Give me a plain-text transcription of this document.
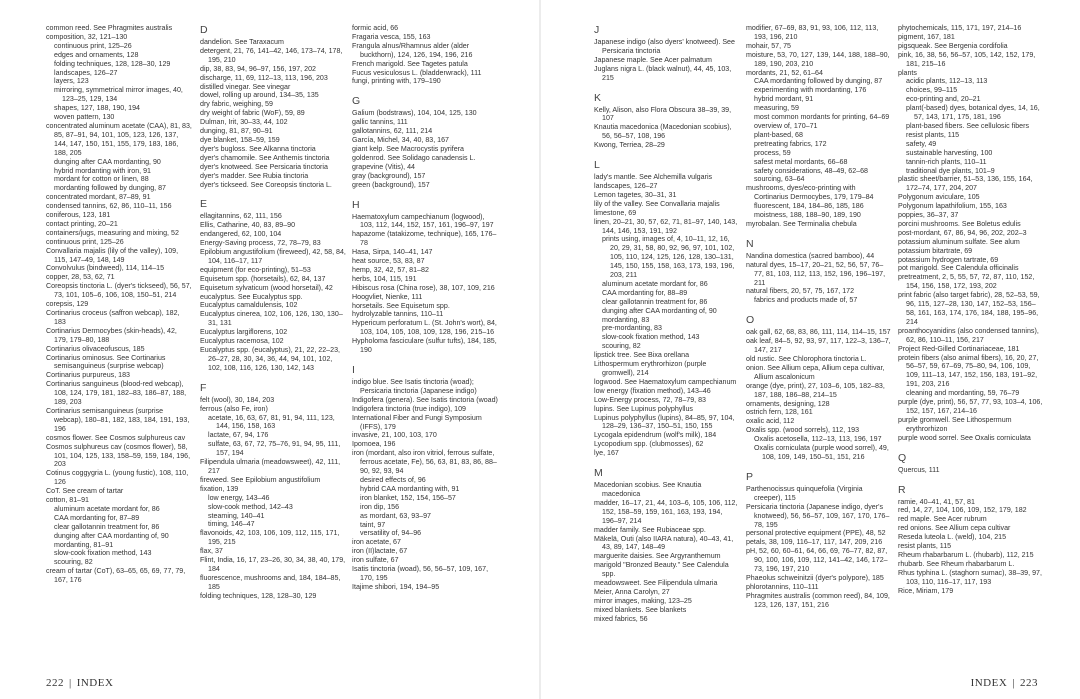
common reed. See Phragmites australis
composition, 32, 121–130
continuous print, 125–26
edges and ornaments, 128
folding techniques, 128, 128–30, 129
landscapes, 126–27
layers, 123
mirroring, symmetrical mirror images, 40, 123–25, 129, 134
shapes, 127, 188, 190, 194
woven pattern, 130
concentrated aluminum acetate (CAA), 81, 83, 85, 87–91, 94, 101, 105, 123, 126, 137, 144, 147, 150, 151, 155, 179, 183, 186, 188, 205
dunging after CAA mordanting, 90
hybrid mordanting with iron, 91
mordant for cotton or linen, 88
mordanting followed by dunging, 87
concentrated mordant, 87–89, 91
condensed tannins, 62, 86, 110–11, 156
coniferous, 123, 181
contact printing, 20–21
containers/jugs, measuring and mixing, 52
continuous print, 125–26
Convallaria majalis (lily of the valley), 109, 115, 147–49, 148, 149
Convolvulus (bindweed), 114, 114–15
copper, 28, 53, 62, 71
Coreopsis tinctoria L. (dyer's tickseed), 56, 57, 73, 101, 105–6, 106, 108, 150–51, 214
corepsis, 129
Cortinarius croceus (saffron webcap), 182, 183
Cortinarius Dermocybes (skin-heads), 42, 179, 179–80, 188
Cortinarius olivaceofuscus, 185
Cortinarius ominosus. See Cortinarius semisanguineus (surprise webcap)
Cortinarius purpureus, 183
Cortinarius sanguineus (blood-red webcap), 108, 124, 179, 181, 182–83, 186–87, 188, 189, 203
Cortinarius semisanguineus (surprise webcap), 180–81, 182, 183, 184, 191, 193, 196
cosmos flower. See Cosmos sulphureus cav
Cosmos sulphureus cav (cosmos flower), 58, 101, 104, 125, 133, 158–59, 159, 184, 196, 203
Cotinus coggygria L. (young fustic), 108, 110, 126
CoT. See cream of tartar
cotton, 81–91
aluminum acetate mordant for, 86
CAA mordanting for, 87–89
clear gallotannin treatment for, 86
dunging after CAA mordanting of, 90
mordanting, 81–91
slow-cook fixation method, 143
scouring, 82
cream of tartar (CoT), 63–65, 65, 69, 77, 79, 167, 176
D
dandelion. See Taraxacum
detergent, 21, 76, 141–42, 146, 173–74, 178, 195, 210
dip, 38, 83, 94, 96–97, 156, 197, 202
discharge, 11, 69, 112–13, 113, 196, 203
distilled vinegar. See vinegar
dowel, rolling up around, 134–35, 135
dry fabric, weighing, 59
dry weight of fabric (WoF), 59, 89
Dulman, Irit, 30–33, 44, 102
dunging, 81, 87, 90–91
dye blanket, 158–59, 159
dyer's bugloss. See Alkanna tinctoria
dyer's chamomile. See Anthemis tinctoria
dyer's knotweed. See Persicaria tinctoria
dyer's madder. See Rubia tinctoria
dyer's tickseed. See Coreopsis tinctoria L.
E
ellagitannins, 62, 111, 156
Ellis, Catharine, 40, 83, 89–90
endangered, 62, 100, 104
Energy-Saving process, 72, 78–79, 83
Epilobium angustifolium (fireweed), 42, 58, 84, 104, 116–17, 117
equipment (for eco-printing), 51–53
Equisetum spp. (horsetails), 62, 84, 137
Equisetum sylvaticum (wood horsetail), 42
eucalyptus. See Eucalyptus spp.
Eucalyptus camaldulensis, 102
Eucalyptus cinerea, 102, 106, 126, 130, 130–31, 131
Eucalyptus largiflorens, 102
Eucalyptus racemosa, 102
Eucalyptus spp. (eucalyptus), 21, 22, 22–23, 26–27, 28, 30, 34, 36, 44, 94, 101, 102, 102, 108, 116, 126, 130, 142, 143
F
felt (wool), 30, 184, 203
ferrous (also Fe, iron)
acetate, 16, 63, 67, 81, 91, 94, 111, 123, 144, 156, 158, 163
lactate, 67, 94, 176
sulfate, 63, 67, 72, 75–76, 91, 94, 95, 111, 157, 194
Filipendula ulmaria (meadowsweet), 42, 111, 217
fireweed. See Epilobium angustifolium
fixation, 139
low energy, 143–46
slow-cook method, 142–43
steaming, 140–41
timing, 146–47
flavonoids, 42, 103, 106, 109, 112, 115, 171, 195, 215
flax, 37
Flint, India, 16, 17, 23–26, 30, 34, 38, 40, 179, 184
fluorescence, mushrooms and, 184, 184–85, 185
folding techniques, 128, 128–30, 129
formic acid, 66
Fragaria vesca, 155, 163
Frangula alnus/Rhamnus alder (alder buckthorn), 124, 126, 194, 196, 216
French marigold. See Tagetes patula
Fucus vesiculosus L. (bladderwrack), 111
fungi, printing with, 179–190
G
Galium (bodstraws), 104, 104, 125, 130
gallic tannins, 111
gallotannins, 62, 111, 214
García, Michel, 34, 40, 83, 167
giant kelp. See Macrocystis pyrifera
goldenrod. See Solidago canadensis L.
grapevine (Vitis), 44
gray (background), 157
green (background), 157
H
Haematoxylum campechianum (logwood), 103, 112, 144, 152, 157, 161, 196–97, 197
hapazome (tatakizome, technique), 165, 176–78
Hasa, Sirpa, 140–41, 147
heat source, 53, 83, 87
hemp, 32, 42, 57, 81–82
herbs, 104, 115, 191
Hibiscus rosa (China rose), 38, 107, 109, 216
Hoogvliet, Nienke, 111
horsetails. See Equisetum spp.
hydrolyzable tannins, 110–11
Hypericum perforatum L. (St. John's wort), 84, 103, 104, 105, 108, 109, 128, 196, 215–16
Hypholoma fasciculare (sulfur tufts), 184, 185, 190
I
indigo blue. See Isatis tinctoria (woad); Persicaria tinctoria (Japanese indigo)
Indigofera (genera). See Isatis tinctoria (woad)
Indigofera tinctoria (true indigo), 109
International Fiber and Fungi Symposium (IFFS), 179
invasive, 21, 100, 103, 170
Ipomoea, 196
iron (mordant, also iron vitriol, ferrous sulfate, ferrous acetate, Fe), 56, 63, 81, 83, 86, 88–90, 92, 93, 94
desired effects of, 96
hybrid CAA mordanting with, 91
iron blanket, 152, 154, 156–57
iron dip, 156
as mordant, 63, 93–97
taint, 97
versatility of, 94–96
iron acetate, 67
iron (II)lactate, 67
iron sulfate, 67
Isatis tinctoria (woad), 56, 56–57, 109, 167, 170, 195
Itajime shibori, 194, 194–95
222 | INDEX
J
Japanese indigo (also dyers' knotweed). See Persicaria tinctoria
Japanese maple. See Acer palmatum
Juglans nigra L. (black walnut), 44, 45, 103, 215
K
Kelly, Alison, also Flora Obscura 38–39, 39, 107
Knautia macedonica (Macedonian scobius), 56, 56–57, 108, 196
Kwong, Terriea, 28–29
L
lady's mantle. See Alchemilla vulgaris
landscapes, 126–27
Lemon tagetes, 30–31, 31
lily of the valley. See Convallaria majalis
limestone, 69
linen, 20–21, 30, 57, 62, 71, 81–97, 140, 143, 144, 146, 153, 191, 192
prints using, images of, 4, 10–11, 12, 16, 20, 29, 31, 58, 80, 92, 96, 97, 101, 102, 105, 110, 124, 125, 126, 128, 130–131, 145, 150, 155, 158, 163, 173, 193, 196, 203, 211
aluminum acetate mordant for, 86
CAA mordanting for, 88–89
clear gallotannin treatment for, 86
dunging after CAA mordanting of, 90
mordanting, 83
pre-mordanting, 83
slow-cook fixation method, 143
scouring, 82
lipstick tree. See Bixa orellana
Lithospermum erythrorhizon (purple gromwell), 214
logwood. See Haematoxylum campechianum
low energy (fixation method), 143–46
Low-Energy process, 72, 78–79, 83
lupins. See Lupinus polyphyllus
Lupinus polyphyllus (lupins), 84–85, 97, 104, 128–29, 136–37, 150–51, 150, 155
Lycogala epidendrum (wolf's milk), 184
Lycopodium spp. (clubmosses), 62
lye, 167
M
Macedonian scobius. See Knautia macedonica
madder, 16–17, 21, 44, 103–6, 105, 106, 112, 152, 158–59, 159, 161, 163, 193, 194, 196–97, 214
madder family. See Rubiaceae spp.
Mäkelä, Outi (also IIARA natura), 40–43, 41, 43, 89, 147, 148–49
marguerite daisies. See Argyranthemum
marigold "Bronzed Beauty." See Calendula spp.
meadowsweet. See Filipendula ulmaria
Meier, Anna Carolyn, 27
mirror images, making, 123–25
mixed blankets. See blankets
mixed fabrics, 56
modifier, 67–69, 83, 91, 93, 106, 112, 113, 193, 196, 210
mohair, 57, 75
moisture, 53, 70, 127, 139, 144, 188, 188–90, 189, 190, 203, 210
mordants, 21, 52, 61–64
CAA mordanting followed by dunging, 87
experimenting with mordanting, 176
hybrid mordant, 91
measuring, 59
most common mordants for printing, 64–69
overview of, 170–71
plant-based, 68
pretreating fabrics, 172
process, 59
safest metal mordants, 66–68
safety considerations, 48–49, 62–68
sourcing, 63–64
mushrooms, dyes/eco-printing with
Cortinarius Dermocybes, 179, 179–84
fluorescent, 184, 184–86, 185, 186
moistness, 188, 188–90, 189, 190
myrobalan. See Terminalia chebula
N
Nandina domestica (sacred bamboo), 44
natural dyes, 15–17, 20–21, 52, 56, 57, 76–77, 81, 103, 112, 113, 152, 196, 196–197, 211
natural fibers, 20, 57, 75, 167, 172
fabrics and products made of, 57
O
oak gall, 62, 68, 83, 86, 111, 114, 114–15, 157
oak leaf, 84–5, 92, 93, 97, 117, 122–3, 136–7, 147, 217
old rustic. See Chlorophora tinctoria L.
onion. See Allium cepa, Allium cepa cultivar, Allium ascalonicum
orange (dye, print), 27, 103–6, 105, 182–83, 187, 188, 186–88, 214–15
ornaments, designing, 128
ostrich fern, 128, 161
oxalic acid, 112
Oxalis spp. (wood sorrels), 112, 193
Oxalis acetosella, 112–13, 113, 196, 197
Oxalis corniculata (purple wood sorrel), 49, 108, 109, 149, 150–51, 151, 216
P
Parthenocissus quinquefolia (Virginia creeper), 115
Persicaria tinctoria (Japanese indigo, dyer's knotweed), 56, 56–57, 109, 167, 170, 176–78, 195
personal protective equipment (PPE), 48, 52
petals, 38, 109, 116–17, 117, 147, 209, 216
pH, 52, 60, 60–61, 64, 66, 69, 76–77, 82, 87, 90, 100, 106, 109, 112, 141–42, 146, 172–73, 196, 197, 210
Phaeolus schweinitzii (dyer's polypore), 185
phlorotannins, 110–111
Phragmites australis (common reed), 84, 109, 123, 126, 137, 151, 216
phytochemicals, 115, 171, 197, 214–16
pigment, 167, 181
pigsqueak. See Bergenia cordifolia
pink, 16, 38, 56, 56–57, 105, 142, 152, 179, 181, 215–16
plants
acidic plants, 112–13, 113
choices, 99–115
eco-printing and, 20–21
plant(-based) dyes, botanical dyes, 14, 16, 57, 143, 171, 175, 181, 196
plant-based fibers. See cellulosic fibers
resist plants, 115
safety, 49
sustainable harvesting, 100
tannin-rich plants, 110–11
traditional dye plants, 101–9
plastic sheet/barrier, 51–53, 136, 155, 164, 172–74, 177, 204, 207
Polygonum aviculare, 105
Polygonum lapathifolium, 155, 163
poppies, 36–37, 37
porcini mushrooms. See Boletus edulis
post-mordant, 67, 86, 94, 96, 202, 202–3
potassium aluminum sulfate. See alum
potassium bitartrate, 69
potassium hydrogen tartrate, 69
pot marigold. See Calendula officinalis
pretreatment, 2, 5, 55, 57, 72, 87, 110, 152, 154, 156, 158, 172, 193, 202
print fabric (also target fabric), 28, 52–53, 59, 96, 115, 127–28, 130, 147, 152–53, 156–58, 161, 163, 174, 176, 184, 188, 195–96, 214
proanthocyanidins (also condensed tannins), 62, 86, 110–11, 156, 217
Project Red-Gilled Cortinariaceae, 181
protein fibers (also animal fibers), 16, 20, 27, 56–57, 59, 67–69, 75–80, 94, 106, 109, 109, 111–13, 147, 152, 156, 183, 191–92, 191, 203, 216
cleaning and mordanting, 59, 76–79
purple (dye, print), 56, 57, 77, 93, 103–4, 106, 152, 157, 167, 214–16
purple gromwell. See Lithospermum erythrorhizon
purple wood sorrel. See Oxalis corniculata
Q
Quercus, 111
R
ramie, 40–41, 41, 57, 81
red, 14, 27, 104, 106, 109, 152, 179, 182
red maple. See Acer rubrum
red onions. See Allium cepa cultivar
Reseda luteola L. (weld), 104, 215
resist plants, 115
Rheum rhabarbarum L. (rhubarb), 112, 215
rhubarb. See Rheum rhabarbarum L.
Rhus typhina L. (staghorn sumac), 38–39, 97, 103, 110, 116–17, 117, 193
Rice, Miriam, 179
INDEX | 223
